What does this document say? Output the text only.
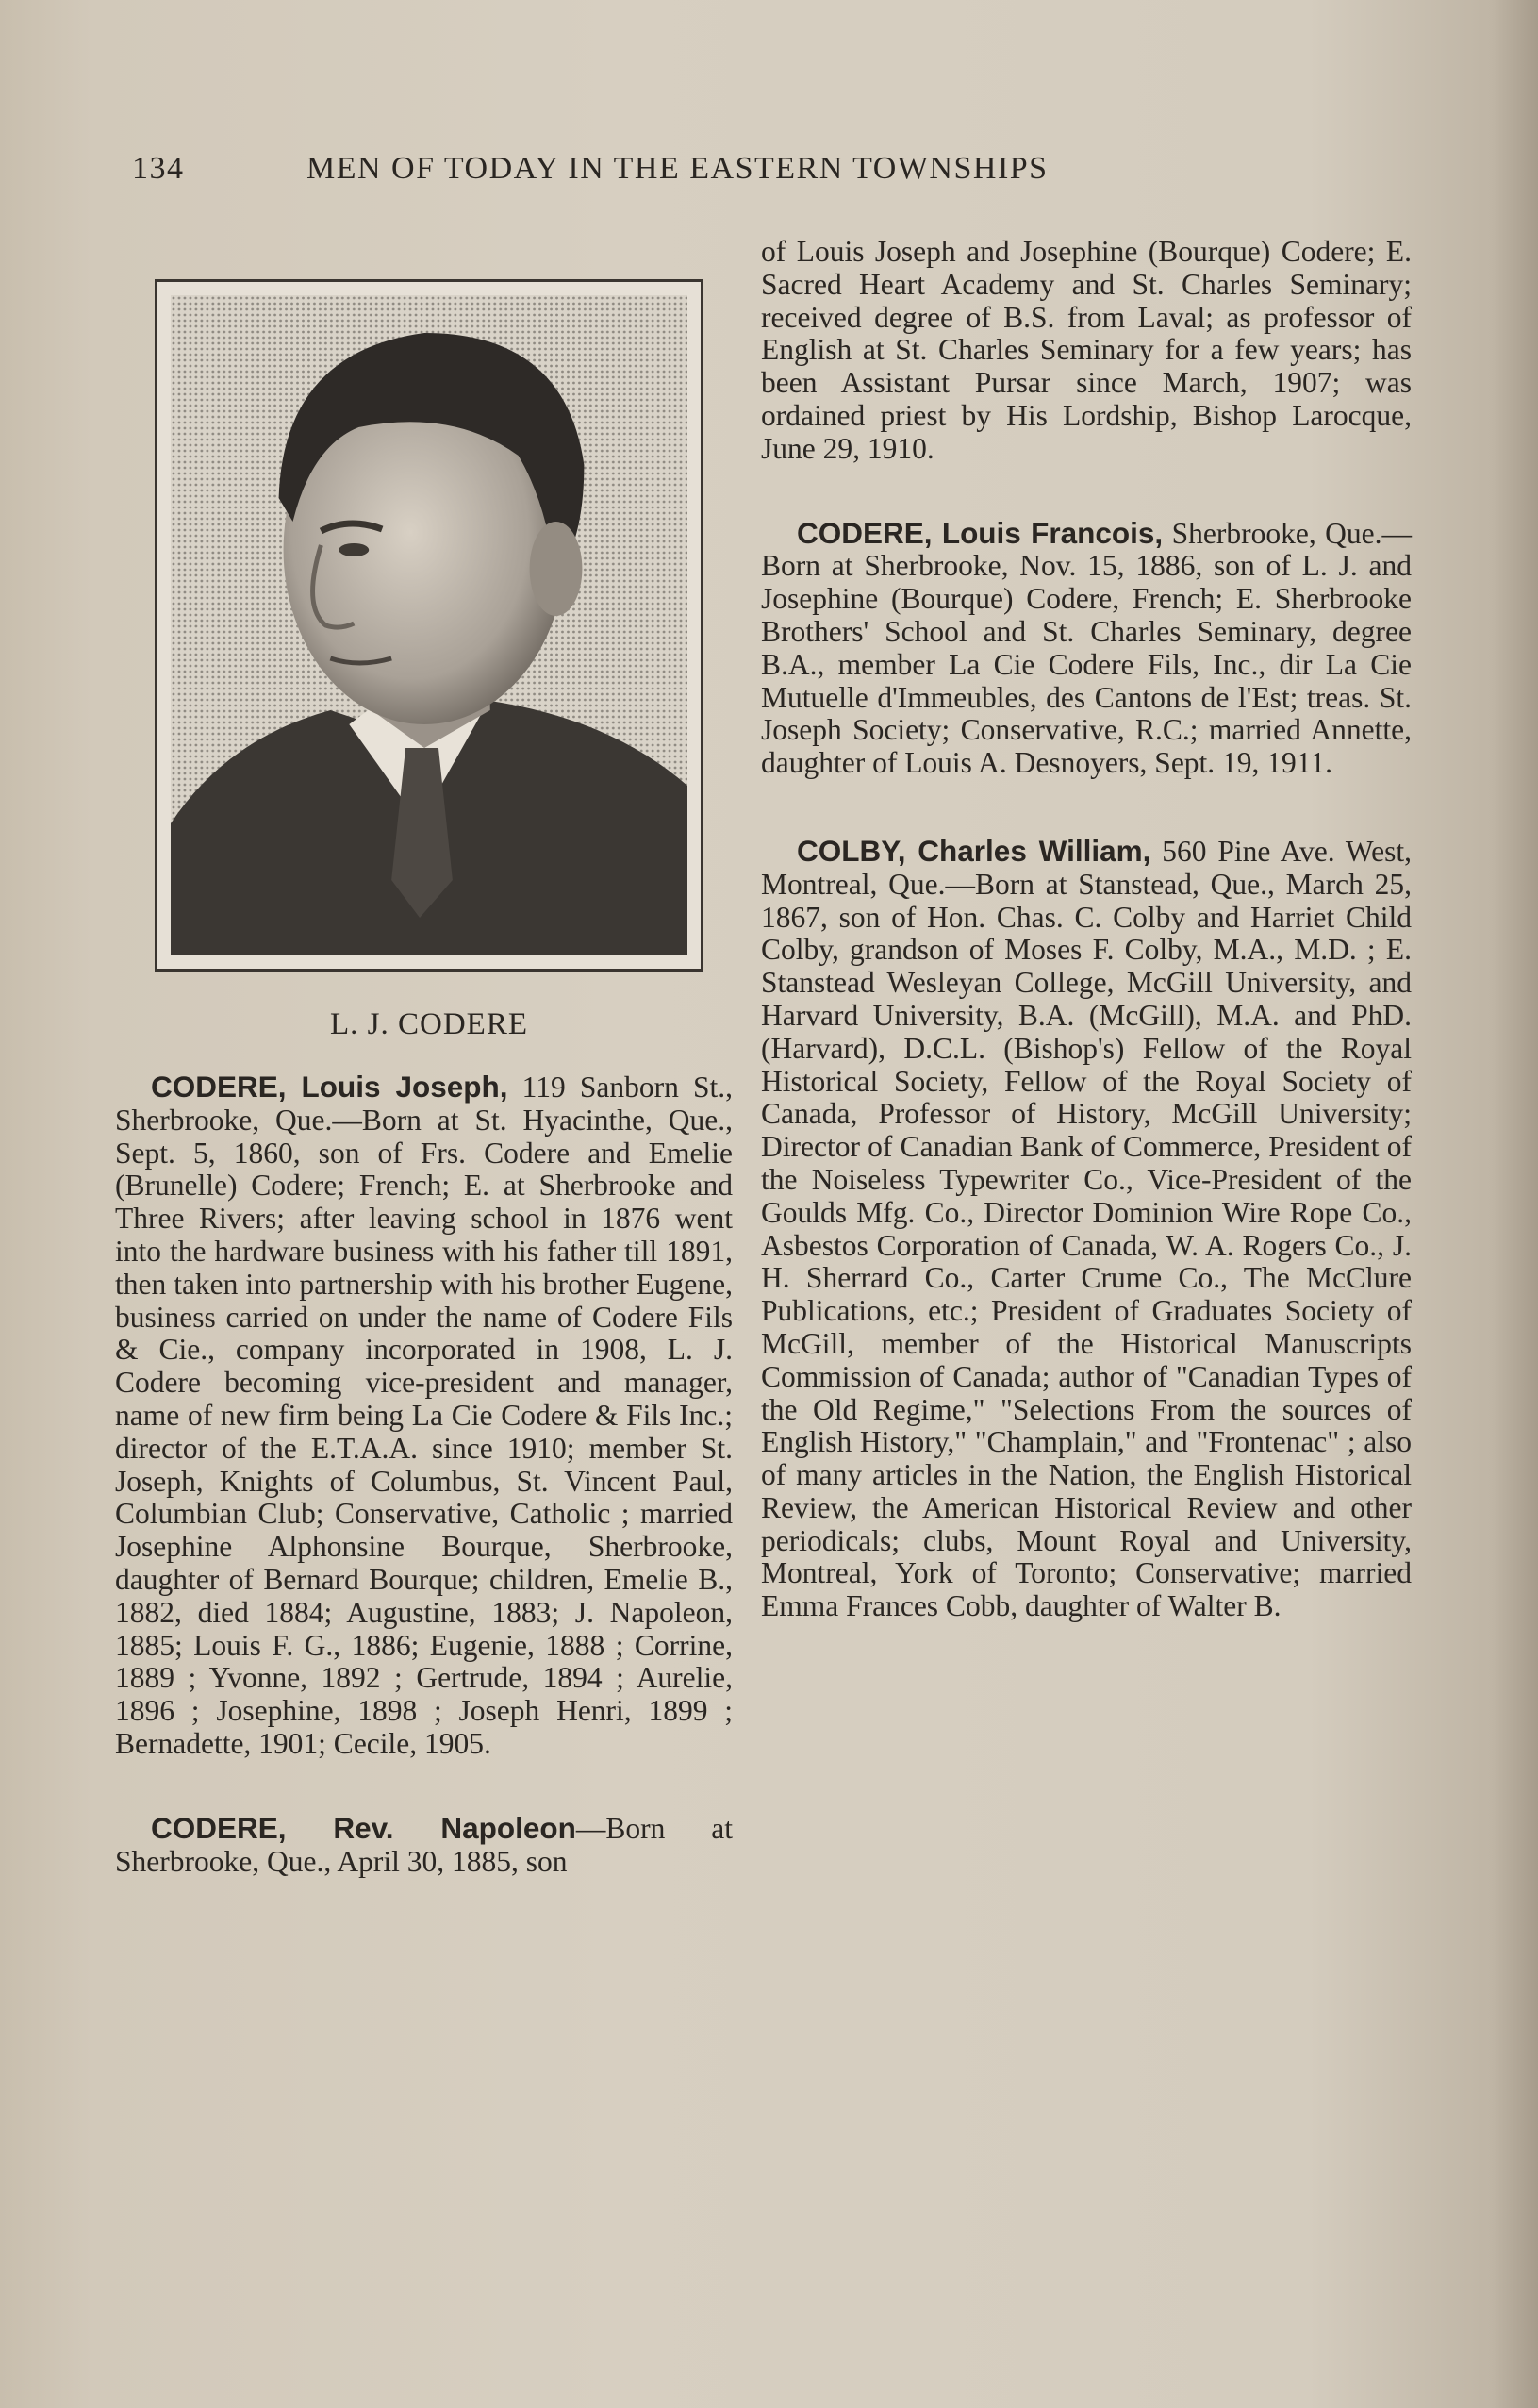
134	MEN OF TODAY IN THE EASTERN TOWNSHIPS
L. J. CODERE

CODERE, Louis Joseph, 119 Sanborn St., Sherbrooke, Que.—Born at St. Hyacinthe, Que., Sept. 5, 1860, son of Frs. Codere and Emelie (Brunelle) Codere; French; E. at Sherbrooke and Three Rivers; after leaving school in 1876 went into the hardware business with his father till 1891, then taken into partnership with his brother Eugene, business carried on under the name of Codere Fils & Cie., company incorporated in 1908, L. J. Codere becoming vice-president and manager, name of new firm being La Cie Codere & Fils Inc.; director of the E.T.A.A. since 1910; member St. Joseph, Knights of Columbus, St. Vincent Paul, Columbian Club; Conservative, Catholic ; married Josephine Alphonsine Bourque, Sherbrooke, daughter of Bernard Bourque; children, Emelie B., 1882, died 1884; Augustine, 1883; J. Napoleon, 1885; Louis F. G., 1886; Eugenie, 1888 ; Corrine, 1889 ; Yvonne, 1892 ; Gertrude, 1894 ; Aurelie, 1896 ; Josephine, 1898 ; Joseph Henri, 1899 ; Bernadette, 1901; Cecile, 1905.

CODERE, Rev. Napoleon—Born at Sherbrooke, Que., April 30, 1885, son

of Louis Joseph and Josephine (Bourque) Codere; E. Sacred Heart Academy and St. Charles Seminary; received degree of B.S. from Laval; as professor of English at St. Charles Seminary for a few years; has been Assistant Pursar since March, 1907; was ordained priest by His Lordship, Bishop Larocque, June 29, 1910.

CODERE, Louis Francois, Sherbrooke, Que.—Born at Sherbrooke, Nov. 15, 1886, son of L. J. and Josephine (Bourque) Codere, French; E. Sherbrooke Brothers' School and St. Charles Seminary, degree B.A., member La Cie Codere Fils, Inc., dir La Cie Mutuelle d'Immeubles, des Cantons de l'Est; treas. St. Joseph Society; Conservative, R.C.; married Annette, daughter of Louis A. Desnoyers, Sept. 19, 1911.

COLBY, Charles William, 560 Pine Ave. West, Montreal, Que.—Born at Stanstead, Que., March 25, 1867, son of Hon. Chas. C. Colby and Harriet Child Colby, grandson of Moses F. Colby, M.A., M.D. ; E. Stanstead Wesleyan College, McGill University, and Harvard University, B.A. (McGill), M.A. and PhD. (Harvard), D.C.L. (Bishop's) Fellow of the Royal Historical Society, Fellow of the Royal Society of Canada, Professor of History, McGill University; Director of Canadian Bank of Commerce, President of the Noiseless Typewriter Co., Vice-President of the Goulds Mfg. Co., Director Dominion Wire Rope Co., Asbestos Corporation of Canada, W. A. Rogers Co., J. H. Sherrard Co., Carter Crume Co., The McClure Publications, etc.; President of Graduates Society of McGill, member of the Historical Manuscripts Commission of Canada; author of "Canadian Types of the Old Regime," "Selections From the sources of English History," "Champlain," and "Frontenac" ; also of many articles in the Nation, the English Historical Review, the American Historical Review and other periodicals; clubs, Mount Royal and University, Montreal, York of Toronto; Conservative; married Emma Frances Cobb, daughter of Walter B.
